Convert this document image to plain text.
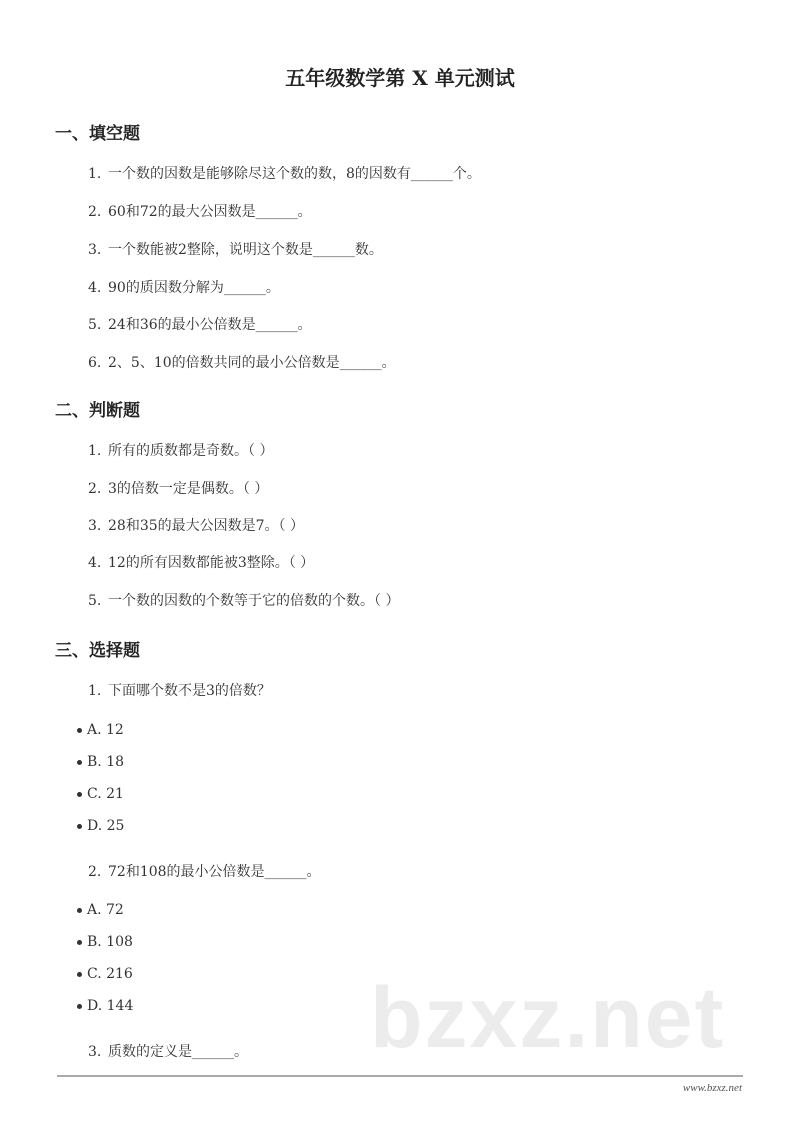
五年级数学第 X 单元测试
一、填空题
1. 一个数的因数是能够除尽这个数的数，8的因数有______个。
2. 60和72的最大公因数是______。
3. 一个数能被2整除，说明这个数是______数。
4. 90的质因数分解为______。
5. 24和36的最小公倍数是______。
6. 2、5、10的倍数共同的最小公倍数是______。
二、判断题
1. 所有的质数都是奇数。（ ）
2. 3的倍数一定是偶数。（ ）
3. 28和35的最大公因数是7。（ ）
4. 12的所有因数都能被3整除。（ ）
5. 一个数的因数的个数等于它的倍数的个数。（ ）
三、选择题
1. 下面哪个数不是3的倍数？
A. 12
B. 18
C. 21
D. 25
2. 72和108的最小公倍数是______。
A. 72
B. 108
C. 216
D. 144	bzxz.net
3. 质数的定义是______。
www.bzxz.net
